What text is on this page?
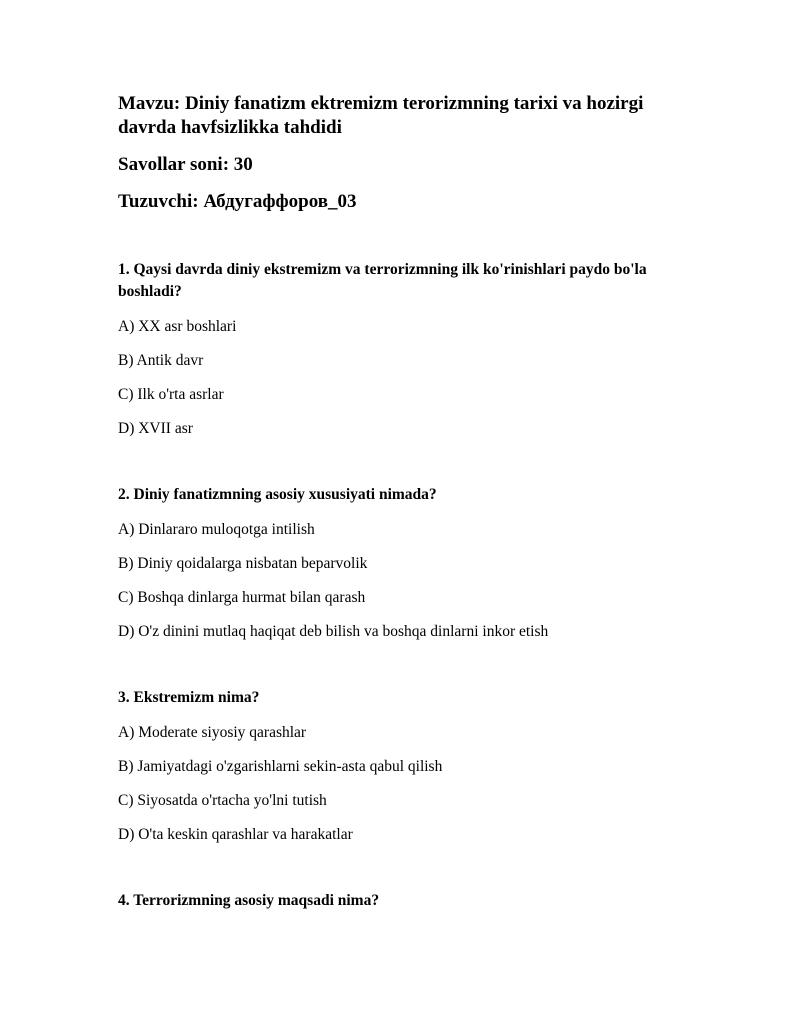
Mavzu: Diniy fanatizm ektremizm terorizmning tarixi va hozirgi davrda havfsizlikka tahdidi

Savollar soni: 30

Tuzuvchi: Абдугаффоров_03

1. Qaysi davrda diniy ekstremizm va terrorizmning ilk ko'rinishlari paydo bo'la boshladi?

A) XX asr boshlari

B) Antik davr

C) Ilk o'rta asrlar

D) XVII asr

2. Diniy fanatizmning asosiy xususiyati nimada?

A) Dinlararo muloqotga intilish

B) Diniy qoidalarga nisbatan beparvolik

C) Boshqa dinlarga hurmat bilan qarash

D) O'z dinini mutlaq haqiqat deb bilish va boshqa dinlarni inkor etish

3. Ekstremizm nima?

A) Moderate siyosiy qarashlar

B) Jamiyatdagi o'zgarishlarni sekin-asta qabul qilish

C) Siyosatda o'rtacha yo'lni tutish

D) O'ta keskin qarashlar va harakatlar

4. Terrorizmning asosiy maqsadi nima?
